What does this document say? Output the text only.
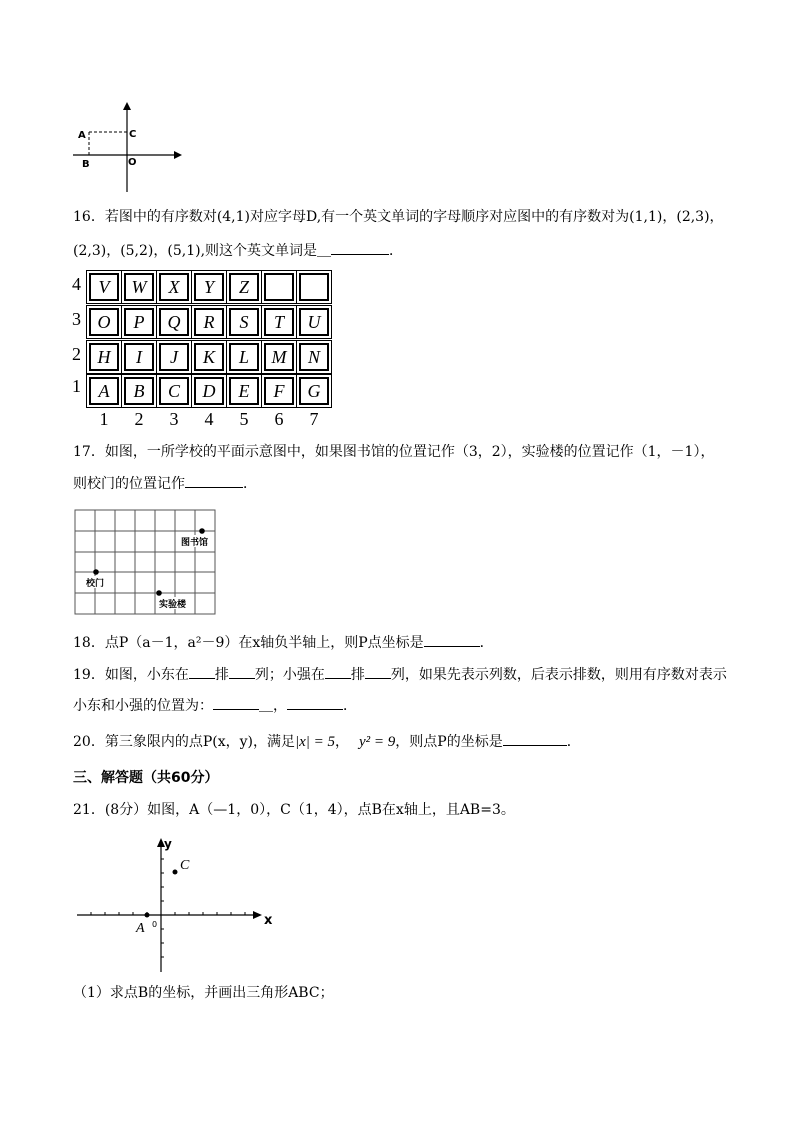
A	C
B	O
16．若图中的有序数对(4,1)对应字母D,有一个英文单词的字母顺序对应图中的有序数对为(1,1)，(2,3)，
(2,3)，(5,2)，(5,1),则这个英文单词是＿	．
4 V	W	X	Y	Z
3 O	P	Q	R	S	T	U
2 H	I	J	K	L	M	N
1 A	B	C	D	E	F	G
1	2	3	4	5	6	7
17．如图，一所学校的平面示意图中，如果图书馆的位置记作（3，2），实验楼的位置记作（1，－1），
则校门的位置记作	．
图书馆
校门
实验楼
18．点P（a－1，a²－9）在x轴负半轴上，则P点坐标是	．
19．如图，小东在 排 列；小强在 排 列，如果先表示列数，后表示排数，则用有序数对表示
小东和小强的位置为：	＿，	．
20．第三象限内的点P(x，y)，满足|x| = 5， y² = 9，则点P的坐标是	．
三、解答题（共60分）
21．(8分）如图，A（—1，0），C（1，4），点B在x轴上，且AB=3。
x
y
0
A
C
（1）求点B的坐标，并画出三角形ABC；
